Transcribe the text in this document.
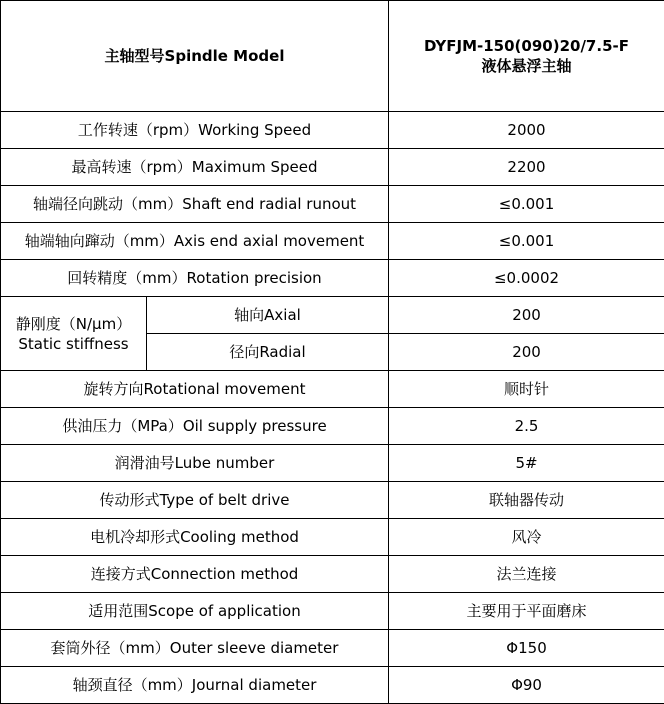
主轴型号Spindle Model		DYFJM-150(090)20/7.5-F
液体悬浮主轴

工作转速（rpm）Working Speed		2000
最高转速（rpm）Maximum Speed		2200
轴端径向跳动（mm）Shaft end radial runout		≤0.001
轴端轴向蹿动（mm）Axis end axial movement		≤0.001
回转精度（mm）Rotation precision		≤0.0002

静刚度（N/μm）
Static stiffness	轴向Axial	200
	径向Radial	200
旋转方向Rotational movement		顺时针
供油压力（MPa）Oil supply pressure		2.5
润滑油号Lube number		5#
传动形式Type of belt drive		联轴器传动
电机冷却形式Cooling method		风冷
连接方式Connection method		法兰连接
适用范围Scope of application		主要用于平面磨床
套筒外径（mm）Outer sleeve diameter		Φ150
轴颈直径（mm）Journal diameter		Φ90
